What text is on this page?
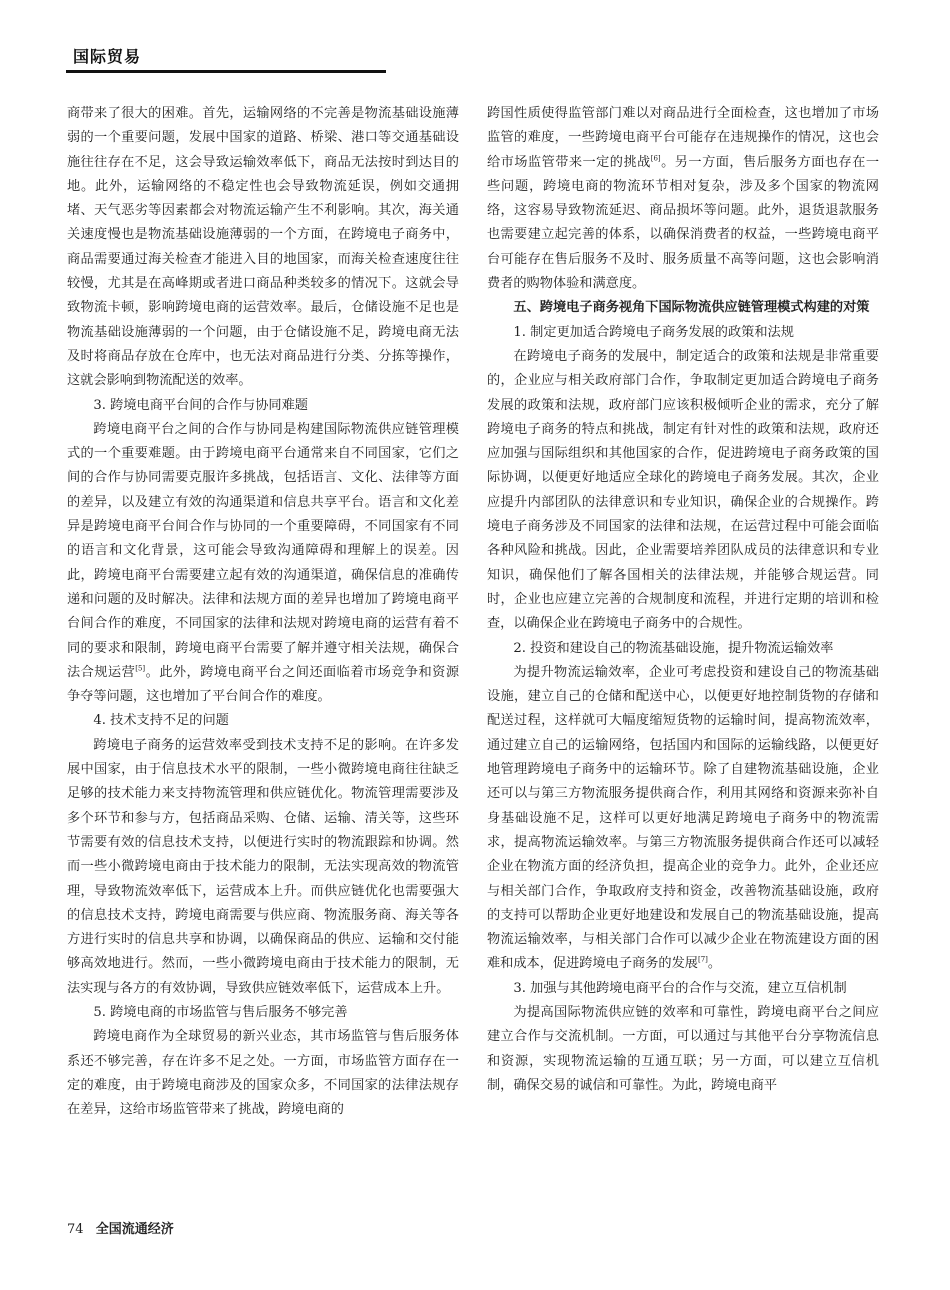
国际贸易

商带来了很大的困难。首先，运输网络的不完善是物流基础设施薄弱的一个重要问题，发展中国家的道路、桥梁、港口等交通基础设施往往存在不足，这会导致运输效率低下，商品无法按时到达目的地。此外，运输网络的不稳定性也会导致物流延误，例如交通拥堵、天气恶劣等因素都会对物流运输产生不利影响。其次，海关通关速度慢也是物流基础设施薄弱的一个方面，在跨境电子商务中，商品需要通过海关检查才能进入目的地国家，而海关检查速度往往较慢，尤其是在高峰期或者进口商品种类较多的情况下。这就会导致物流卡顿，影响跨境电商的运营效率。最后，仓储设施不足也是物流基础设施薄弱的一个问题，由于仓储设施不足，跨境电商无法及时将商品存放在仓库中，也无法对商品进行分类、分拣等操作，这就会影响到物流配送的效率。

3. 跨境电商平台间的合作与协同难题

跨境电商平台之间的合作与协同是构建国际物流供应链管理模式的一个重要难题。由于跨境电商平台通常来自不同国家，它们之间的合作与协同需要克服许多挑战，包括语言、文化、法律等方面的差异，以及建立有效的沟通渠道和信息共享平台。语言和文化差异是跨境电商平台间合作与协同的一个重要障碍，不同国家有不同的语言和文化背景，这可能会导致沟通障碍和理解上的误差。因此，跨境电商平台需要建立起有效的沟通渠道，确保信息的准确传递和问题的及时解决。法律和法规方面的差异也增加了跨境电商平台间合作的难度，不同国家的法律和法规对跨境电商的运营有着不同的要求和限制，跨境电商平台需要了解并遵守相关法规，确保合法合规运营[5]。此外，跨境电商平台之间还面临着市场竞争和资源争夺等问题，这也增加了平台间合作的难度。

4. 技术支持不足的问题

跨境电子商务的运营效率受到技术支持不足的影响。在许多发展中国家，由于信息技术水平的限制，一些小微跨境电商往往缺乏足够的技术能力来支持物流管理和供应链优化。物流管理需要涉及多个环节和参与方，包括商品采购、仓储、运输、清关等，这些环节需要有效的信息技术支持，以便进行实时的物流跟踪和协调。然而一些小微跨境电商由于技术能力的限制，无法实现高效的物流管理，导致物流效率低下，运营成本上升。而供应链优化也需要强大的信息技术支持，跨境电商需要与供应商、物流服务商、海关等各方进行实时的信息共享和协调，以确保商品的供应、运输和交付能够高效地进行。然而，一些小微跨境电商由于技术能力的限制，无法实现与各方的有效协调，导致供应链效率低下，运营成本上升。

5. 跨境电商的市场监管与售后服务不够完善

跨境电商作为全球贸易的新兴业态，其市场监管与售后服务体系还不够完善，存在许多不足之处。一方面，市场监管方面存在一定的难度，由于跨境电商涉及的国家众多，不同国家的法律法规存在差异，这给市场监管带来了挑战，跨境电商的

跨国性质使得监管部门难以对商品进行全面检查，这也增加了市场监管的难度，一些跨境电商平台可能存在违规操作的情况，这也会给市场监管带来一定的挑战[6]。另一方面，售后服务方面也存在一些问题，跨境电商的物流环节相对复杂，涉及多个国家的物流网络，这容易导致物流延迟、商品损坏等问题。此外，退货退款服务也需要建立起完善的体系，以确保消费者的权益，一些跨境电商平台可能存在售后服务不及时、服务质量不高等问题，这也会影响消费者的购物体验和满意度。

五、跨境电子商务视角下国际物流供应链管理模式构建的对策

1. 制定更加适合跨境电子商务发展的政策和法规

在跨境电子商务的发展中，制定适合的政策和法规是非常重要的，企业应与相关政府部门合作，争取制定更加适合跨境电子商务发展的政策和法规，政府部门应该积极倾听企业的需求，充分了解跨境电子商务的特点和挑战，制定有针对性的政策和法规，政府还应加强与国际组织和其他国家的合作，促进跨境电子商务政策的国际协调，以便更好地适应全球化的跨境电子商务发展。其次，企业应提升内部团队的法律意识和专业知识，确保企业的合规操作。跨境电子商务涉及不同国家的法律和法规，在运营过程中可能会面临各种风险和挑战。因此，企业需要培养团队成员的法律意识和专业知识，确保他们了解各国相关的法律法规，并能够合规运营。同时，企业也应建立完善的合规制度和流程，并进行定期的培训和检查，以确保企业在跨境电子商务中的合规性。

2. 投资和建设自己的物流基础设施，提升物流运输效率

为提升物流运输效率，企业可考虑投资和建设自己的物流基础设施，建立自己的仓储和配送中心，以便更好地控制货物的存储和配送过程，这样就可大幅度缩短货物的运输时间，提高物流效率，通过建立自己的运输网络，包括国内和国际的运输线路，以便更好地管理跨境电子商务中的运输环节。除了自建物流基础设施，企业还可以与第三方物流服务提供商合作，利用其网络和资源来弥补自身基础设施不足，这样可以更好地满足跨境电子商务中的物流需求，提高物流运输效率。与第三方物流服务提供商合作还可以减轻企业在物流方面的经济负担，提高企业的竞争力。此外，企业还应与相关部门合作，争取政府支持和资金，改善物流基础设施，政府的支持可以帮助企业更好地建设和发展自己的物流基础设施，提高物流运输效率，与相关部门合作可以减少企业在物流建设方面的困难和成本，促进跨境电子商务的发展[7]。

3. 加强与其他跨境电商平台的合作与交流，建立互信机制

为提高国际物流供应链的效率和可靠性，跨境电商平台之间应建立合作与交流机制。一方面，可以通过与其他平台分享物流信息和资源，实现物流运输的互通互联；另一方面，可以建立互信机制，确保交易的诚信和可靠性。为此，跨境电商平

74 全国流通经济
